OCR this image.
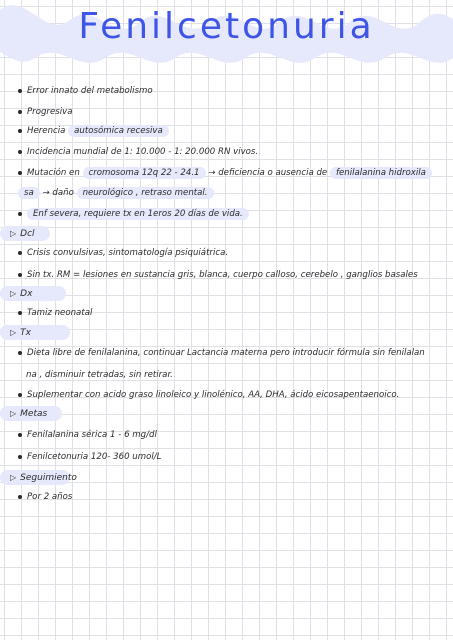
Fenilcetonuria
Error innato del metabolismo
Progresiva
Herencia autosómica recesiva
Incidencia mundial de 1: 10.000 - 1: 20.000 RN vivos.
Mutación en cromosoma 12q 22 - 24.1 → deficiencia o ausencia de fenilalanina hidroxila
sa → daño neurológico , retraso mental.
Enf severa, requiere tx en 1eros 20 días de vida.
▷ Dcl
Crisis convulsivas, sintomatología psiquiátrica.
Sin tx. RM = lesiones en sustancia gris, blanca, cuerpo calloso, cerebelo , ganglios basales
▷ Dx
Tamiz neonatal
▷ Tx
Dieta libre de fenilalanina, continuar Lactancia materna pero introducir fórmula sin fenilalan
na , disminuir tetradas, sin retirar.
Suplementar con acido graso linoleico y linolénico, AA, DHA, ácido eicosapentaenoico.
▷ Metas
Fenilalanina sérica 1 - 6 mg/dl
Fenilcetonuria 120- 360 umol/L
▷ Seguimiento
Por 2 años
